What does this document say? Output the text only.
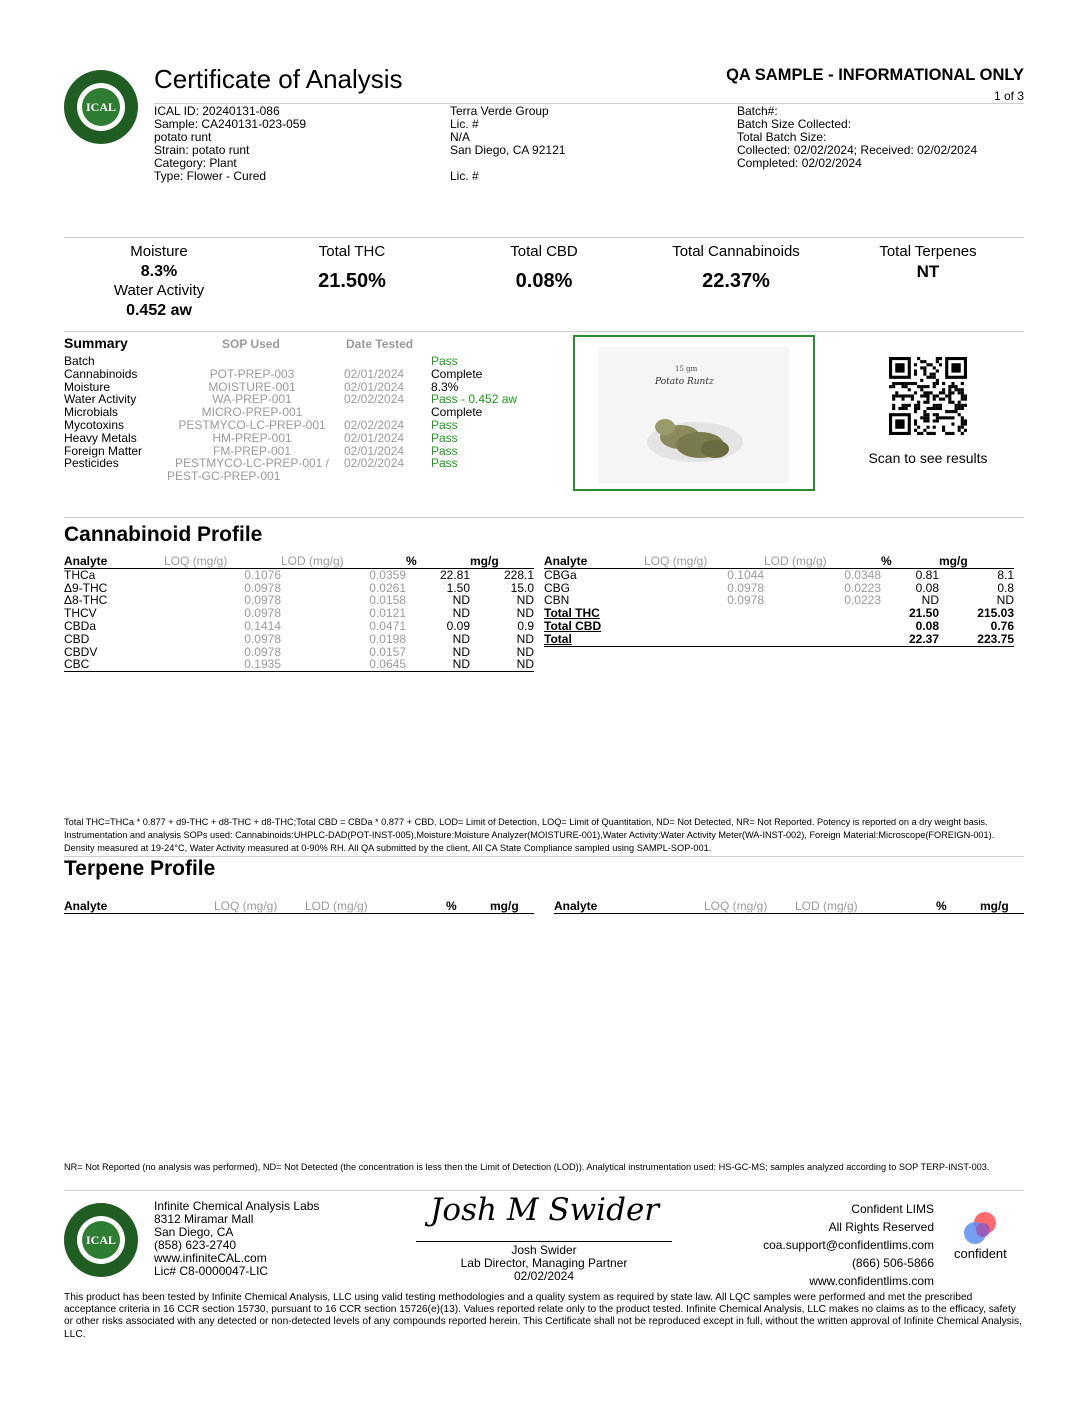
ICAL
Certificate of Analysis	QA SAMPLE - INFORMATIONAL ONLY
1 of 3
ICAL ID: 20240131-086
Sample: CA240131-023-059
potato runt
Strain: potato runt
Category: Plant
Type: Flower - Cured
Terra Verde Group
Lic. #
N/A
San Diego, CA 92121
Lic. #
Batch#:
Batch Size Collected:
Total Batch Size:
Collected: 02/02/2024; Received: 02/02/2024
Completed: 02/02/2024
Moisture
8.3%
Water Activity
0.452 aw
Total THC
21.50%
Total CBD
0.08%
Total Cannabinoids
22.37%
Total Terpenes
NT
Summary	SOP Used	Date Tested
Batch	Pass
Cannabinoids	POT-PREP-003	02/01/2024	Complete
Moisture	MOISTURE-001	02/01/2024	8.3%
Water Activity	WA-PREP-001	02/02/2024	Pass - 0.452 aw
Microbials	MICRO-PREP-001	Complete
Mycotoxins	PESTMYCO-LC-PREP-001	02/02/2024	Pass
Heavy Metals	HM-PREP-001	02/01/2024	Pass
Foreign Matter	FM-PREP-001	02/01/2024	Pass
Pesticides	PESTMYCO-LC-PREP-001 /	02/02/2024	Pass
PEST-GC-PREP-001
15 gm
Potato Runtz
Scan to see results
Cannabinoid Profile
Analyte	LOQ (mg/g)	LOD (mg/g)	%	mg/g
THCa	0.1076	0.0359	22.81	228.1
Δ9-THC	0.0978	0.0261	1.50	15.0
Δ8-THC	0.0978	0.0158	ND	ND
THCV	0.0978	0.0121	ND	ND
CBDa	0.1414	0.0471	0.09	0.9
CBD	0.0978	0.0198	ND	ND
CBDV	0.0978	0.0157	ND	ND
CBC	0.1935	0.0645	ND	ND
Analyte	LOQ (mg/g)	LOD (mg/g)	%	mg/g
CBGa	0.1044	0.0348	0.81	8.1
CBG	0.0978	0.0223	0.08	0.8
CBN	0.0978	0.0223	ND	ND
Total THC			21.50	215.03
Total CBD			0.08	0.76
Total			22.37	223.75
Total THC=THCa * 0.877 + d9-THC + d8-THC + d8-THC;Total CBD = CBDa * 0.877 + CBD. LOD= Limit of Detection, LOQ= Limit of Quantitation, ND= Not Detected, NR= Not Reported. Potency is reported on a dry weight basis. Instrumentation and analysis SOPs used: Cannabinoids:UHPLC-DAD(POT-INST-005),Moisture:Moisture Analyzer(MOISTURE-001),Water Activity:Water Activity Meter(WA-INST-002), Foreign Material:Microscope(FOREIGN-001). Density measured at 19-24°C, Water Activity measured at 0-90% RH. All QA submitted by the client, All CA State Compliance sampled using SAMPL-SOP-001.
Terpene Profile
Analyte	LOQ (mg/g)	LOD (mg/g)	%	mg/g	Analyte	LOQ (mg/g)	LOD (mg/g)	%	mg/g
NR= Not Reported (no analysis was performed), ND= Not Detected (the concentration is less then the Limit of Detection (LOD)). Analytical instrumentation used: HS-GC-MS; samples analyzed according to SOP TERP-INST-003.
ICAL
Infinite Chemical Analysis Labs
8312 Miramar Mall
San Diego, CA
(858) 623-2740
www.infiniteCAL.com
Lic# C8-0000047-LIC
Josh M Swider
Josh Swider
Lab Director, Managing Partner
02/02/2024
Confident LIMS
All Rights Reserved
coa.support@confidentlims.com
(866) 506-5866
www.confidentlims.com
confident
This product has been tested by Infinite Chemical Analysis, LLC using valid testing methodologies and a quality system as required by state law. All LQC samples were performed and met the prescribed acceptance criteria in 16 CCR section 15730, pursuant to 16 CCR section 15726(e)(13). Values reported relate only to the product tested. Infinite Chemical Analysis, LLC makes no claims as to the efficacy, safety or other risks associated with any detected or non-detected levels of any compounds reported herein. This Certificate shall not be reproduced except in full, without the written approval of Infinite Chemical Analysis, LLC.
